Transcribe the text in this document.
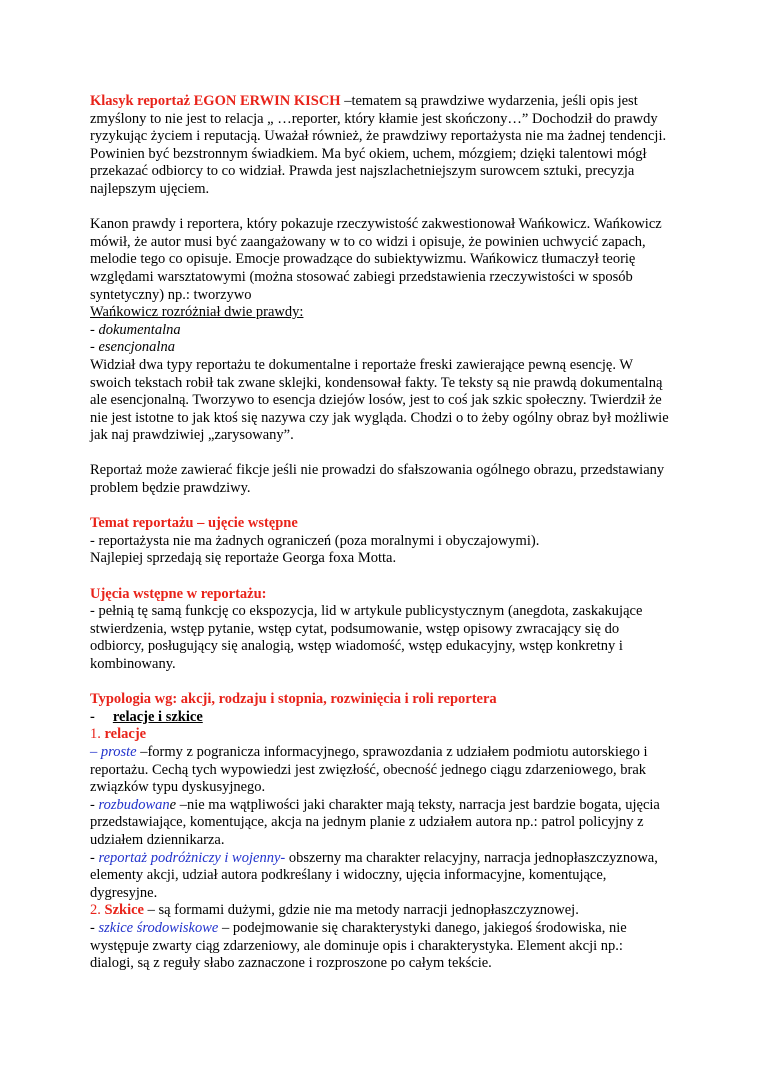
Klasyk reportaż EGON ERWIN KISCH –tematem są prawdziwe wydarzenia, jeśli opis jest zmyślony to nie jest to relacja „ …reporter, który kłamie jest skończony…” Dochodził do prawdy ryzykując życiem i reputacją. Uważał również, że prawdziwy reportażysta nie ma żadnej tendencji. Powinien być bezstronnym świadkiem. Ma być okiem, uchem, mózgiem; dzięki talentowi mógł przekazać odbiorcy to co widział. Prawda jest najszlachetniejszym surowcem sztuki, precyzja najlepszym ujęciem.

Kanon prawdy i reportera, który pokazuje rzeczywistość zakwestionował Wańkowicz. Wańkowicz mówił, że autor musi być zaangażowany w to co widzi i opisuje, że powinien uchwycić zapach, melodie tego co opisuje. Emocje prowadzące do subiektywizmu. Wańkowicz tłumaczył teorię względami warsztatowymi (można stosować zabiegi przedstawienia rzeczywistości w sposób syntetyczny) np.: tworzywo

Wańkowicz rozróżniał dwie prawdy:

- dokumentalna

- esencjonalna

Widział dwa typy reportażu te dokumentalne i reportaże freski zawierające pewną esencję. W swoich tekstach robił tak zwane sklejki, kondensował fakty. Te teksty są nie prawdą dokumentalną ale esencjonalną. Tworzywo to esencja dziejów losów, jest to coś jak szkic społeczny. Twierdził że nie jest istotne to jak ktoś się nazywa czy jak wygląda. Chodzi o to żeby ogólny obraz był możliwie jak naj prawdziwiej „zarysowany”.

Reportaż może zawierać fikcje jeśli nie prowadzi do sfałszowania ogólnego obrazu, przedstawiany problem będzie prawdziwy.

Temat reportażu – ujęcie wstępne

- reportażysta nie ma żadnych ograniczeń (poza moralnymi i obyczajowymi).

Najlepiej sprzedają się reportaże Georga foxa Motta.

Ujęcia wstępne w reportażu:

- pełnią tę samą funkcję co ekspozycja, lid w artykule publicystycznym (anegdota, zaskakujące stwierdzenia, wstęp pytanie, wstęp cytat, podsumowanie, wstęp opisowy zwracający się do odbiorcy, posługujący się analogią, wstęp wiadomość, wstęp edukacyjny, wstęp konkretny i kombinowany.

Typologia wg: akcji, rodzaju i stopnia, rozwinięcia i roli reportera

- relacje i szkice

1. relacje

– proste –formy z pogranicza informacyjnego, sprawozdania z udziałem podmiotu autorskiego i reportażu. Cechą tych wypowiedzi jest zwięzłość, obecność jednego ciągu zdarzeniowego, brak związków typu dyskusyjnego.

- rozbudowane –nie ma wątpliwości jaki charakter mają teksty, narracja jest bardzie bogata, ujęcia przedstawiające, komentujące, akcja na jednym planie z udziałem autora np.: patrol policyjny z udziałem dziennikarza.

- reportaż podróżniczy i wojenny- obszerny ma charakter relacyjny, narracja jednopłaszczyznowa, elementy akcji, udział autora podkreślany i widoczny, ujęcia informacyjne, komentujące, dygresyjne.

2. Szkice – są formami dużymi, gdzie nie ma metody narracji jednopłaszczyznowej.

- szkice środowiskowe – podejmowanie się charakterystyki danego, jakiegoś środowiska, nie występuje zwarty ciąg zdarzeniowy, ale dominuje opis i charakterystyka. Element akcji np.: dialogi, są z reguły słabo zaznaczone i rozproszone po całym tekście.
